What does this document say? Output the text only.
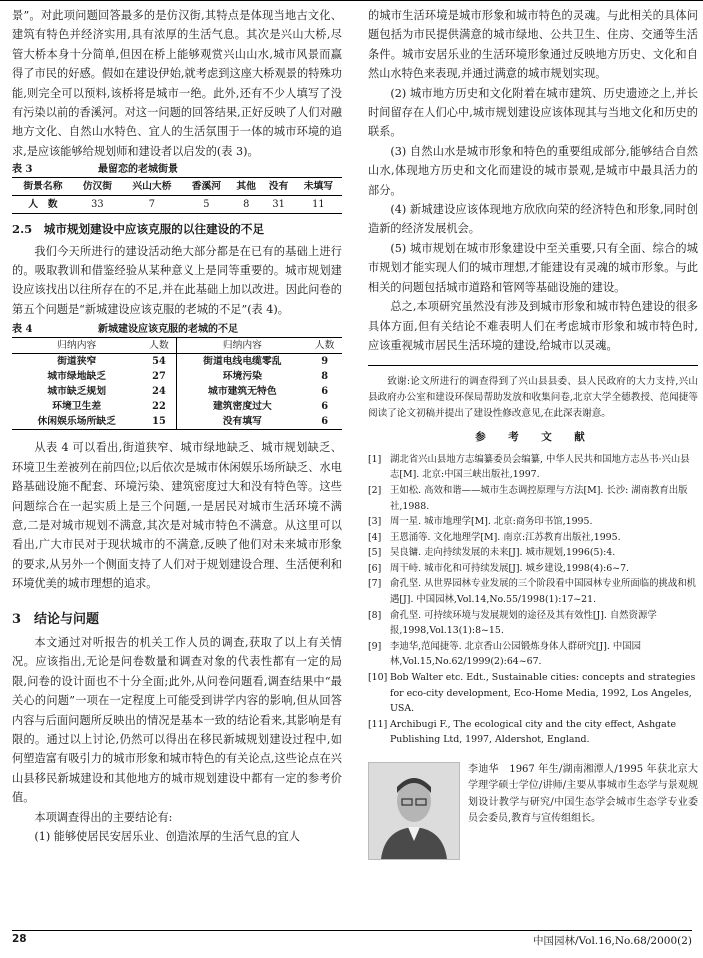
景”。对此项问题回答最多的是仿汉街,其特点是体现当地古文化、建筑有特色并经济实用,具有浓厚的生活气息。其次是兴山大桥,尽管大桥本身十分简单,但因在桥上能够观赏兴山山水,城市风景而赢得了市民的好感。假如在建设伊始,就考虑到这座大桥观景的特殊功能,则完全可以预料,该桥将是城市一绝。此外,还有不少人填写了没有污染以前的香溪河。对这一问题的回答结果,正好反映了人们对融地方文化、自然山水特色、宜人的生活氛围于一体的城市环境的追求,是应该能够给规划师和建设者以启发的(表 3)。

表 3	最留恋的老城街景
街景名称	仿汉街	兴山大桥	香溪河	其他	没有	未填写
人　数	33	7	5	8	31	11

2.5　城市规划建设中应该克服的以往建设的不足

我们今天所进行的建设活动绝大部分都是在已有的基础上进行的。吸取教训和借鉴经验从某种意义上是同等重要的。城市规划建设应该找出以往所存在的不足,并在此基础上加以改进。因此问卷的第五个问题是“新城建设应该克服的老城的不足”(表 4)。

表 4	新城建设应该克服的老城的不足
归纳内容	人数	归纳内容	人数
街道狭窄	54	街道电线电缆零乱	9
城市绿地缺乏	27	环境污染	8
城市缺乏规划	24	城市建筑无特色	6
环境卫生差	22	建筑密度过大	6
休闲娱乐场所缺乏	15	没有填写	6

从表 4 可以看出,街道狭窄、城市绿地缺乏、城市规划缺乏、环境卫生差被列在前四位;以后依次是城市休闲娱乐场所缺乏、水电路基础设施不配套、环境污染、建筑密度过大和没有特色等。这些问题综合在一起实质上是三个问题,一是居民对城市生活环境不满意,二是对城市规划不满意,其次是对城市特色不满意。从这里可以看出,广大市民对于现状城市的不满意,反映了他们对未来城市形象的要求,从另外一个侧面支持了人们对于规划建设合理、生活便利和环境优美的城市理想的追求。

3　结论与问题

本文通过对听报告的机关工作人员的调查,获取了以上有关情况。应该指出,无论是问卷数量和调查对象的代表性都有一定的局限,问卷的设计面也不十分全面;此外,从问卷问题看,调查结果中“最关心的问题”一项在一定程度上可能受到讲学内容的影响,但从回答内容与后面问题所反映出的情况是基本一致的结论看来,其影响是有限的。通过以上讨论,仍然可以得出在移民新城规划建设过程中,如何塑造富有吸引力的城市形象和城市特色的有关论点,这些论点在兴山县移民新城建设和其他地方的城市规划建设中都有一定的参考价值。

本项调查得出的主要结论有:

(1) 能够使居民安居乐业、创造浓厚的生活气息的宜人

的城市生活环境是城市形象和城市特色的灵魂。与此相关的具体问题包括为市民提供满意的城市绿地、公共卫生、住房、交通等生活条件。城市安居乐业的生活环境形象通过反映地方历史、文化和自然山水特色来表现,并通过满意的城市规划实现。

(2) 城市地方历史和文化附着在城市建筑、历史遗迹之上,并长时间留存在人们心中,城市规划建设应该体现其与当地文化和历史的联系。

(3) 自然山水是城市形象和特色的重要组成部分,能够结合自然山水,体现地方历史和文化而建设的城市景观,是城市中最具活力的部分。

(4) 新城建设应该体现地方欣欣向荣的经济特色和形象,同时创造新的经济发展机会。

(5) 城市规划在城市形象建设中至关重要,只有全面、综合的城市规划才能实现人们的城市理想,才能建设有灵魂的城市形象。与此相关的问题包括城市道路和管网等基础设施的建设。

总之,本项研究虽然没有涉及到城市形象和城市特色建设的很多具体方面,但有关结论不难表明人们在考虑城市形象和城市特色时,应该重视城市居民生活环境的建设,给城市以灵魂。

致谢:论文所进行的调查得到了兴山县县委、县人民政府的大力支持,兴山县政府办公室和建设环保局帮助发放和收集问卷,北京大学全德教授、范闻捷等阅读了论文初稿并提出了建设性修改意见,在此深表谢意。

参　考　文　献
[1] 湖北省兴山县地方志编纂委员会编纂, 中华人民共和国地方志丛书·兴山县志[M]. 北京:中国三峡出版社,1997.
[2] 王如松. 高效和谐——城市生态调控原理与方法[M]. 长沙: 湖南教育出版社,1988.
[3] 周一星. 城市地理学[M]. 北京:商务印书馆,1995.
[4] 王恩涌等. 文化地理学[M]. 南京:江苏教育出版社,1995.
[5] 吴良镛. 走向持续发展的未来[J]. 城市规划,1996(5):4.
[6] 周干峙. 城市化和可持续发展[J]. 城乡建设,1998(4):6~7.
[7] 俞孔坚. 从世界园林专业发展的三个阶段看中国园林专业所面临的挑战和机遇[J]. 中国园林,Vol.14,No.55/1998(1):17~21.
[8] 俞孔坚. 可持续环境与发展规划的途径及其有效性[J]. 自然资源学报,1998,Vol.13(1):8~15.
[9] 李迪华,范闻捷等. 北京香山公园锻炼身体人群研究[J]. 中国园林,Vol.15,No.62/1999(2):64~67.
[10] Bob Walter etc. Edt., Sustainable cities: concepts and strategies for eco-city development, Eco-Home Media, 1992, Los Angeles, USA.
[11] Archibugi F., The ecological city and the city effect, Ashgate Publishing Ltd, 1997, Aldershot, England.

李迪华　1967 年生/湖南湘潭人/1995 年获北京大学理学硕士学位/讲师/主要从事城市生态学与景观规划设计教学与研究/中国生态学会城市生态学专业委员会委员,教育与宣传组组长。

28	中国园林/Vol.16,No.68/2000(2)
